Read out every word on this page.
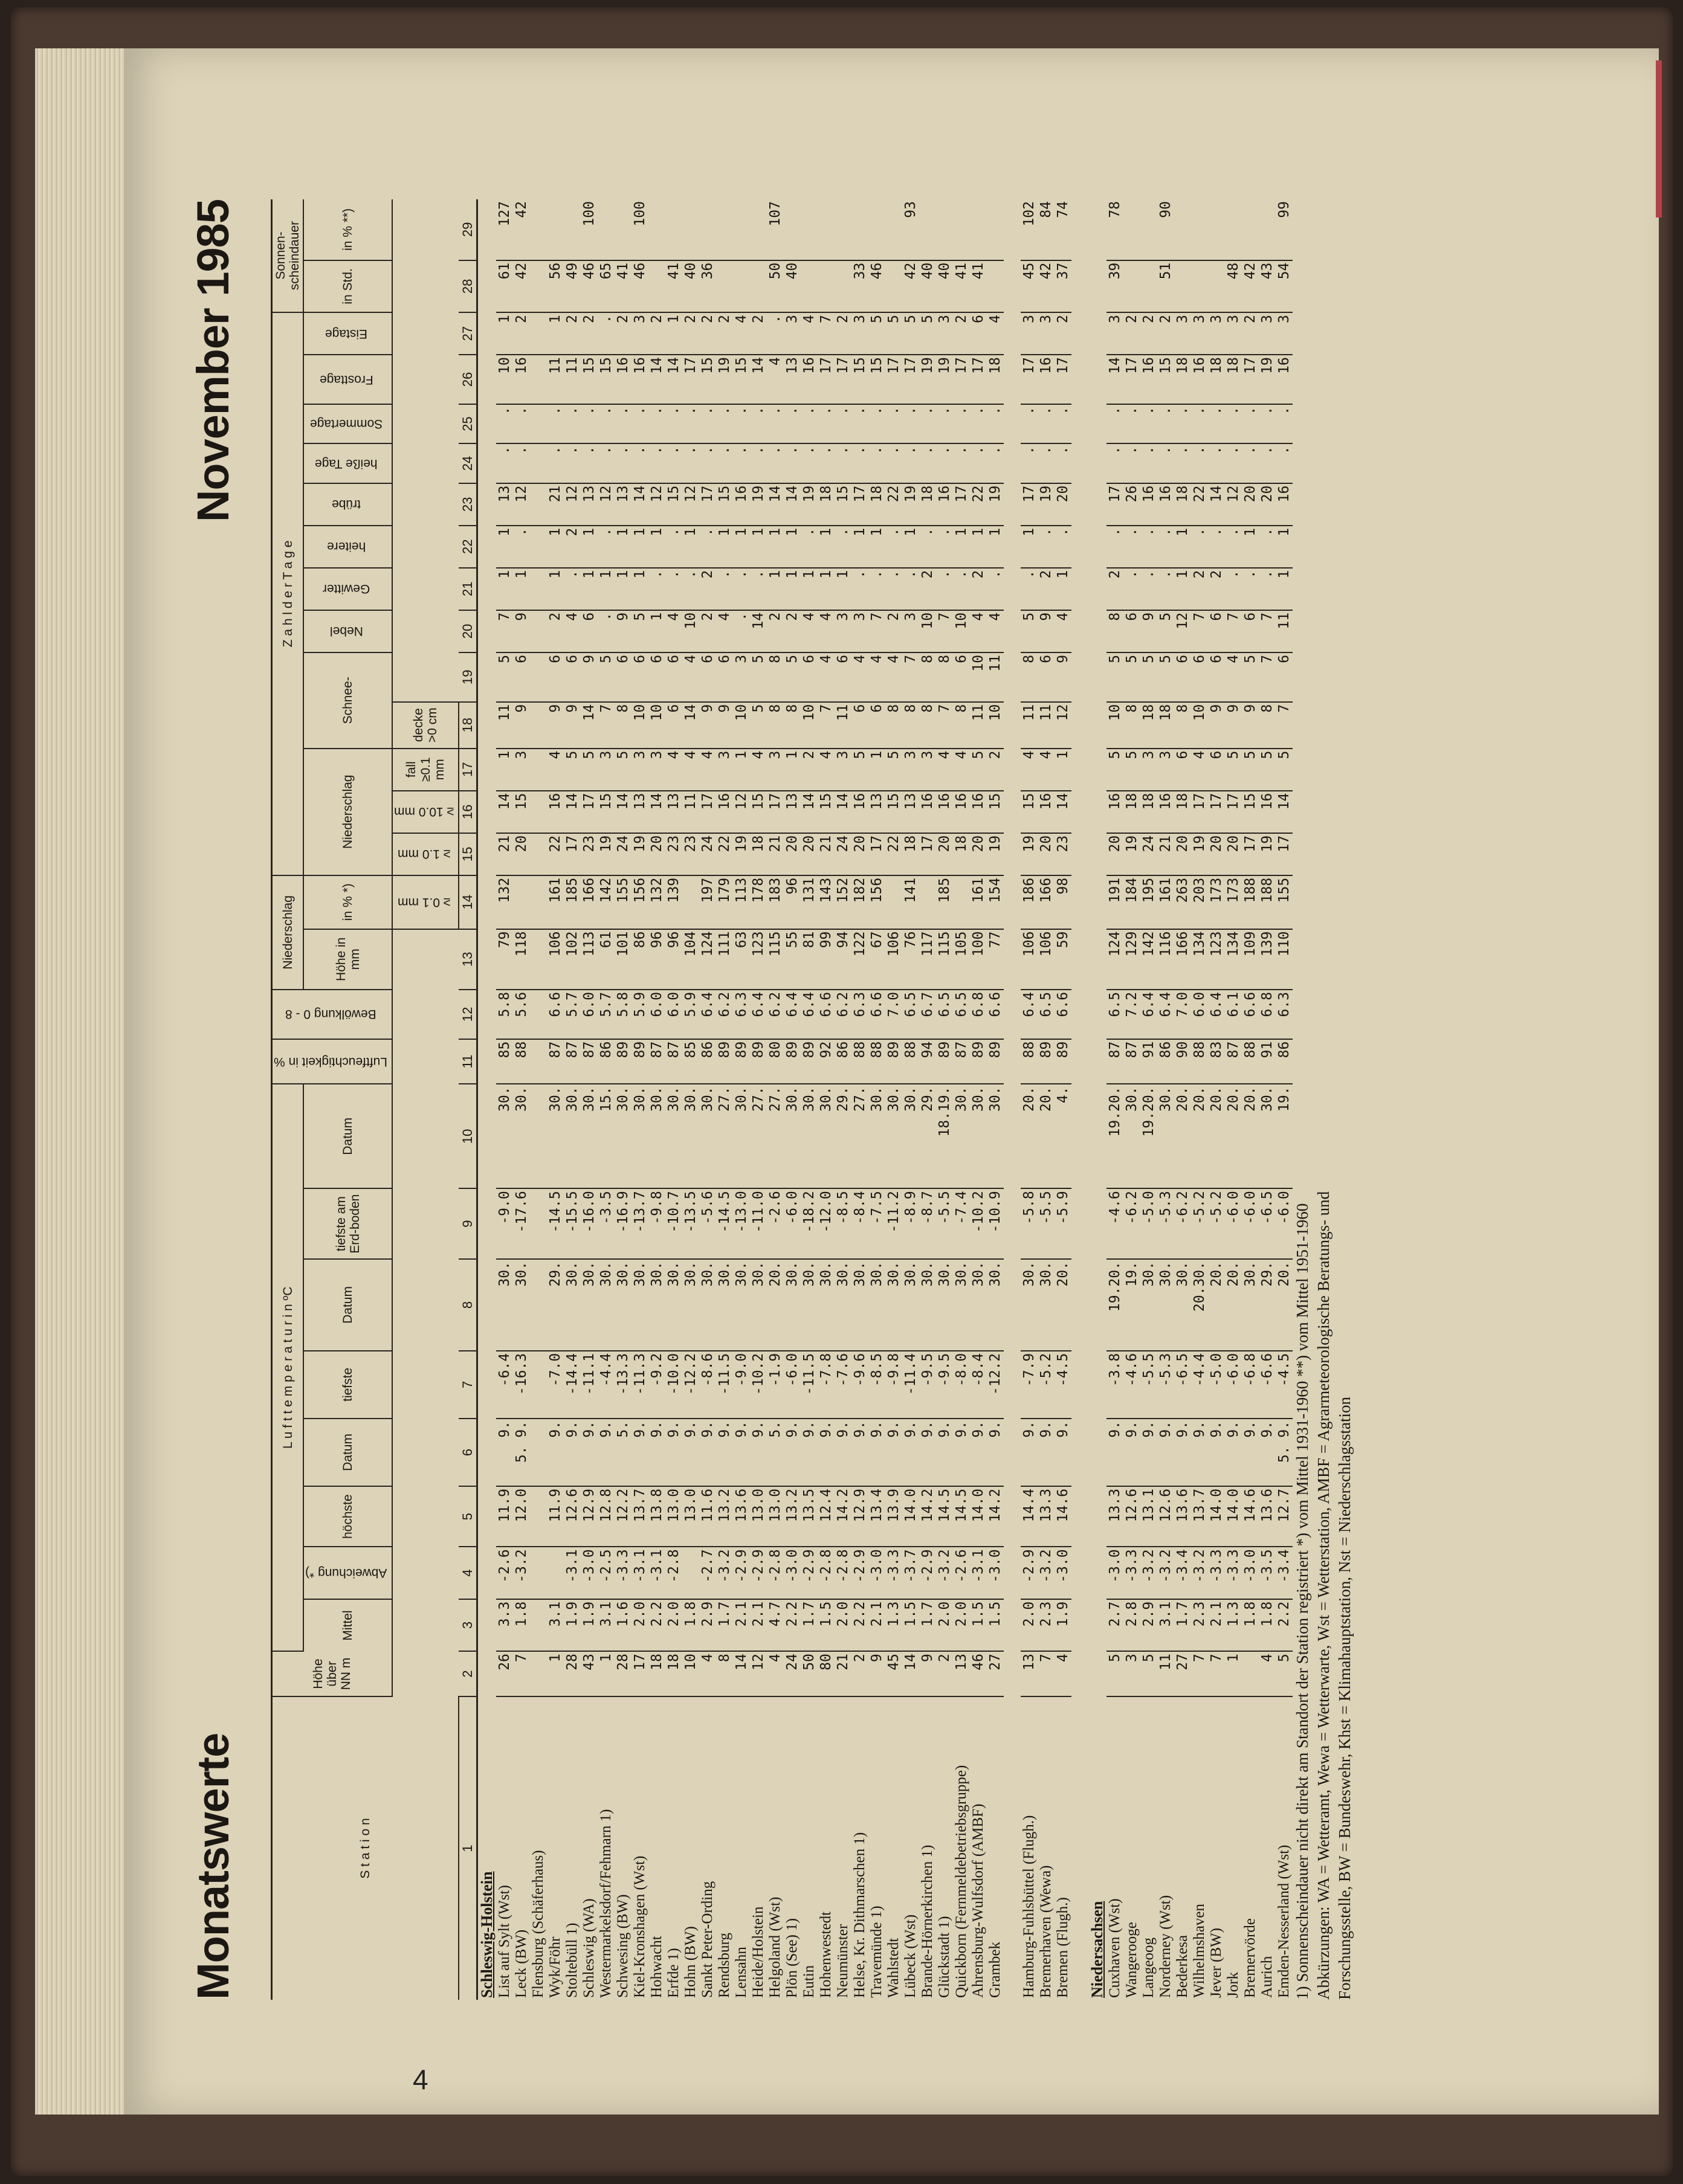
4
Monatswerte
November 1985
S t a t i o n	Höhe über NN m	L u f t t e m p e r a t u r i n ºC								Luftfeuchtigkeit in %	Bewölkung 0 - 8	Niederschlag		Z a h l d e r T a g e													Sonnen-scheindauer	
		Mittel	Abweichung *)	höchste	Datum	tiefste	Datum	tiefste am Erd-boden	Datum			Höhe in mm	in % *)	Niederschlag			Schnee-		Nebel	Gewitter	heitere	trübe	heiße Tage	Sommertage	Frosttage	Eistage	in Std.	in % **)
													≥ 0.1 mm	≥ 1.0 mm	≥ 10.0 mm	fall ≥0.1 mm	decke >0 cm											
1	2	3	4	5	6	7	8	9	10	11	12	13	14	15	16	17	18	19	20	21	22	23	24	25	26	27	28	29
Schleswig-Holstein																												
List auf Sylt (Wst)	26	3.3	-2.6	11.9	9.	-6.4	30.	-9.0	30.	85	5.8	79	132	21	14	1	11	5	7	1	1	13	.	.	10	1	61	127
Leck (BW)	7	1.8	-3.2	12.0	5. 9.	-16.3	30.	-17.6	30.	88	5.6	118		20	15	3	9	6	9	1	.	12	.	.	16	2	42	42
Flensburg (Schäferhaus)																												
Wyk/Föhr	1	3.1		11.9	9.	-7.0	29.	-14.5	30.	87	6.6	106	161	22	16	4	9	6	2	1	1	21	.	.	11	1	56	
Stoltebüll 1)	28	1.9	-3.1	12.6	9.	-14.4	30.	-15.5	30.	87	5.7	102	185	17	14	5	9	6	4	.	2	12	.	.	11	2	49	
Schleswig (WA)	43	1.9	-3.0	12.9	9.	-11.1	30.	-16.0	30.	87	6.0	113	166	23	17	5	14	9	6	1	1	13	.	.	15	2	46	100
Westermarkelsdorf/Fehmarn 1)	1	3.1	-2.5	12.8	9.	-4.4	30.	-3.5	15.	86	5.7	61	142	19	15	3	7	5	.	1	.	12	.	.	15	.	65	
Schwesing (BW)	28	1.6	-3.3	12.2	5.	-13.3	30.	-16.9	30.	89	5.8	101	155	24	14	5	8	6	9	1	1	13	.	.	16	2	41	
Kiel-Kronshagen (Wst)	17	2.0	-3.1	13.7	9.	-11.3	30.	-13.7	30.	89	5.9	86	156	19	13	3	10	6	5	1	1	14	.	.	16	3	46	100
Hohwacht	18	2.2	-3.1	13.8	9.	-9.2	30.	-9.8	30.	87	6.0	96	132	20	14	3	10	6	1	.	1	12	.	.	14	2		
Erfde 1)	18	2.0	-2.8	13.0	9.	-10.0	30.	-10.7	30.	87	6.0	96	139	23	13	4	6	6	4	.	.	15	.	.	14	1	41	
Hohn (BW)	10	1.8		13.0	9.	-12.2	30.	-13.5	30.	85	5.9	104		23	11	4	14	4	10	.	1	12	.	.	17	2	40	
Sankt Peter-Ording	4	2.9	-2.7	11.6	9.	-8.6	30.	-5.6	30.	86	6.4	124	197	24	17	4	9	6	2	2	.	17	.	.	15	2	36	
Rendsburg	8	1.7	-3.2	13.2	9.	-11.5	30.	-14.5	27.	89	6.2	111	179	22	16	3	9	6	4	.	1	15	.	.	19	2		
Lensahn	14	2.1	-2.9	13.6	9.	-9.0	30.	-13.0	30.	89	6.3	63	113	19	12	1	10	3	.	.	1	16	.	.	15	4		
Heide/Holstein	12	2.1	-2.9	13.0	9.	-10.2	30.	-11.0	27.	89	6.4	123	178	18	15	4	5	5	14	.	1	19	.	.	14	2		
Helgoland (Wst)	4	4.7	-2.8	13.0	5.	-1.9	20.	-2.6	27.	80	6.2	115	183	21	17	3	8	8	2	1	1	14	.	.	4	.	50	107
Plön (See) 1)	24	2.2	-3.0	13.2	9.	-6.0	30.	-6.0	30.	89	6.4	55	96	20	13	1	8	5	2	1	1	14	.	.	13	3	40	
Eutin	50	1.7	-2.9	13.5	9.	-11.5	30.	-18.2	30.	89	6.4	81	131	20	14	2	10	6	4	1	.	19	.	.	16	4		
Hohenwestedt	80	1.5	-2.8	12.4	9.	-7.8	30.	-12.0	30.	92	6.6	99	143	21	15	4	7	4	4	1	1	18	.	.	17	7		
Neumünster	21	2.0	-2.8	14.2	9.	-7.6	30.	-8.5	29.	86	6.2	94	152	24	14	3	11	6	3	1	.	15	.	.	17	2		
Helse, Kr. Dithmarschen 1)	2	2.2	-2.9	12.9	9.	-9.6	30.	-8.4	27.	88	6.3	122	182	20	16	5	6	4	3	.	1	17	.	.	15	3	33	
Travemünde 1)	9	2.1	-3.0	13.4	9.	-8.5	30.	-7.5	30.	88	6.6	67	156	17	13	1	6	4	7	.	1	18	.	.	15	5	46	
Wahlstedt	45	1.3	-3.3	13.9	9.	-9.8	30.	-11.2	30.	89	7.0	106		22	15	5	8	4	2	.	.	22	.	.	17	5		
Lübeck (Wst)	14	1.5	-3.7	14.0	9.	-11.4	30.	-8.9	30.	88	6.5	76	141	18	13	3	8	7	3	.	1	19	.	.	17	5	42	93
Brande-Hörnerkirchen 1)	9	1.7	-2.9	14.2	9.	-9.5	30.	-8.7	29.	94	6.7	117		17	16	3	8	8	10	2	.	18	.	.	19	5	40	
Glückstadt 1)	2	2.0	-3.2	14.5	9.	-9.5	30.	-5.5	18.19.	89	6.5	115	185	20	16	4	7	8	7	.	.	16	.	.	19	3	40	
Quickborn (Fernmeldebetriebsgruppe)	13	2.0	-2.6	14.5	9.	-8.0	30.	-7.4	30.	87	6.5	105		18	16	4	8	6	10	.	1	17	.	.	17	2	41	
Ahrensburg-Wulfsdorf (AMBF)	46	1.5	-3.1	14.0	9.	-8.4	30.	-10.2	30.	89	6.8	100	161	20	16	5	11	10	4	2	1	22	.	.	17	6	41	
Grambek	27	1.5	-3.0	14.2	9.	-12.2	30.	-10.9	30.	89	6.6	77	154	19	15	2	10	11	4	.	1	19	.	.	18	4		

Hamburg-Fuhlsbüttel (Flugh.)	13	2.0	-2.9	14.4	9.	-7.9	30.	-5.8	20.	88	6.4	106	186	19	15	4	11	8	5	.	1	17	.	.	17	3	45	102
Bremerhaven (Wewa)	7	2.3	-3.2	13.3	9.	-5.2	30.	-5.5	20.	89	6.5	106	166	20	16	4	11	6	9	2	.	19	.	.	16	3	42	84
Bremen (Flugh.)	4	1.9	-3.0	14.6	9.	-4.5	20.	-5.9	4.	89	6.6	59	98	23	14	1	12	9	4	1	.	20	.	.	17	2	37	74

Niedersachsen																												
Cuxhaven (Wst)	5	2.7	-3.0	13.3	9.	-3.8	19.20.	-4.6	19.20.	87	6.5	124	191	20	16	5	10	5	8	2	.	17	.	.	14	3	39	78
Wangerooge	3	2.8	-3.3	12.6	9.	-4.6	19.	-6.2	30.	87	7.2	129	184	19	18	5	8	5	6	.	.	26	.	.	17	2		
Langeoog	5	2.9	-3.2	13.1	9.	-5.5	30.	-5.0	19.20.	91	6.4	142	195	24	18	3	18	5	9	.	.	16	.	.	16	2		
Norderney (Wst)	11	3.1	-3.2	12.6	9.	-5.3	30.	-5.3	30.	86	6.4	116	161	21	16	3	18	5	5	.	.	16	.	.	15	2	51	90
Bederkesa	27	1.7	-3.4	13.6	9.	-6.5	30.	-6.2	20.	90	7.0	166	263	20	18	6	8	6	12	1	1	18	.	.	18	3		
Wilhelmshaven	7	2.3	-3.2	13.7	9.	-4.4	20.30.	-5.2	20.	88	6.0	134	203	19	17	4	10	6	7	2	.	22	.	.	16	3		
Jever (BW)	7	2.1	-3.3	14.0	9.	-5.0	20.	-5.2	20.	83	6.4	123	173	20	17	6	9	6	6	2	.	14	.	.	18	3		
Jork	1	1.3	-3.3	14.0	9.	-6.0	20.	-6.0	20.	87	6.1	134	173	20	17	5	9	4	7	.	.	12	.	.	18	3	48	
Bremervörde		1.8	-3.0	14.6	9.	-6.8	30.	-6.0	20.	88	6.6	109	188	17	15	5	9	5	6	.	1	20	.	.	17	2	42	
Aurich	4	1.8	-3.5	13.6	9.	-6.6	29.	-6.5	30.	91	6.8	139	188	19	16	5	8	7	7	.	.	20	.	.	19	3	43	
Emden-Nesserland (Wst)	5	2.2	-3.4	12.7	5. 9.	-4.5	20.	-6.0	19.	86	6.3	110	155	17	14	5	7	6	11	1	1	16	.	.	16	3	54	99
1) Sonnenscheindauer nicht direkt am Standort der Station registriert *) vom Mittel 1931-1960 **) vom Mittel 1951-1960 Abkürzungen: WA = Wetteramt, Wewa = Wetterwarte, Wst = Wetterstation, AMBF = Agrarmeteorologische Beratungs- und Forschungsstelle, BW = Bundeswehr, Khst = Klimahauptstation, Nst = Niederschlagsstation
